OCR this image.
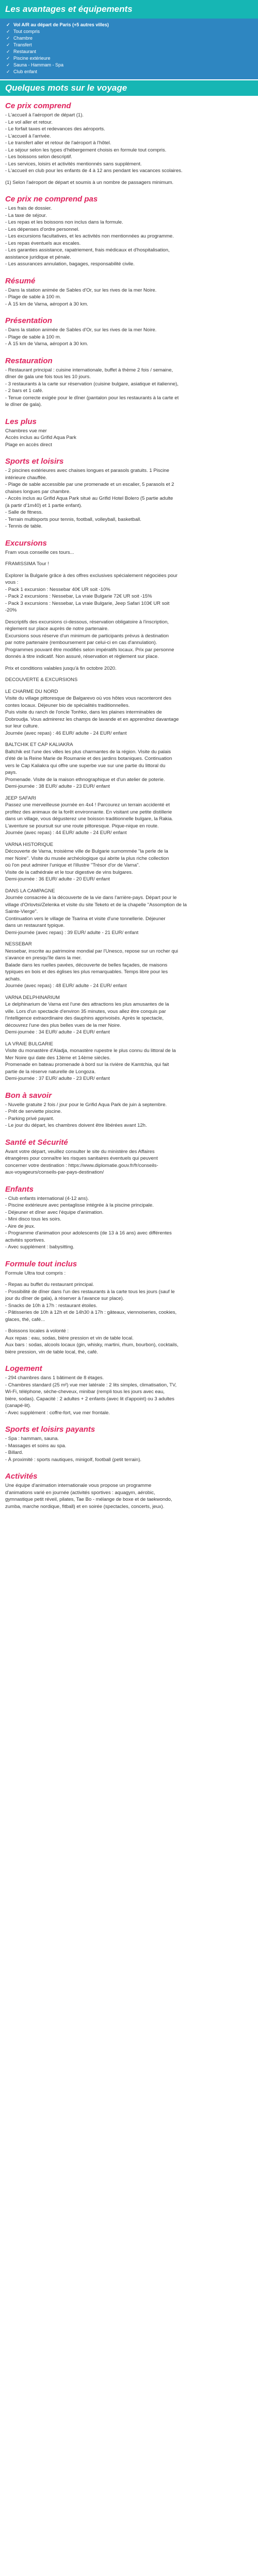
Les avantages et équipements
✓ Vol A/R au départ de Paris (+5 autres villes)
✓ Tout compris
✓ Chambre
✓ Transfert
✓ Restaurant
✓ Piscine extérieure
✓ Sauna - Hammam - Spa
✓ Club enfant
Quelques mots sur le voyage
Ce prix comprend

- L'accueil à l'aéroport de départ (1).
- Le vol aller et retour.
- Le forfait taxes et redevances des aéroports.
- L'accueil à l'arrivée.
- Le transfert aller et retour de l'aéroport à l'hôtel.
- Le séjour selon les types d'hébergement choisis en formule tout compris.
- Les boissons selon descriptif.
- Les services, loisirs et activités mentionnés sans supplément.
- L'accueil en club pour les enfants de 4 à 12 ans pendant les vacances scolaires.

(1) Selon l'aéroport de départ et soumis à un nombre de passagers minimum.

Ce prix ne comprend pas

- Les frais de dossier.
- La taxe de séjour.
- Les repas et les boissons non inclus dans la formule.
- Les dépenses d'ordre personnel.
- Les excursions facultatives, et les activités non mentionnées au programme.
- Les repas éventuels aux escales.
- Les garanties assistance, rapatriement, frais médicaux et d'hospitalisation,
assistance juridique et pénale.
- Les assurances annulation, bagages, responsabilité civile.

Résumé

- Dans la station animée de Sables d'Or, sur les rives de la mer Noire.
- Plage de sable à 100 m.
- À 15 km de Varna, aéroport à 30 km.

Présentation

- Dans la station animée de Sables d'Or, sur les rives de la mer Noire.
- Plage de sable à 100 m.
- À 15 km de Varna, aéroport à 30 km.

Restauration

- Restaurant principal : cuisine internationale, buffet à thème 2 fois / semaine,
dîner de gala une fois tous les 10 jours.
- 3 restaurants à la carte sur réservation (cuisine bulgare, asiatique et italienne),
- 2 bars et 1 café.
- Tenue correcte exigée pour le dîner (pantalon pour les restaurants à la carte et
le dîner de gala).

Les plus

Chambres vue mer
Accès inclus au Grifid Aqua Park
Plage en accès direct

Sports et loisirs

- 2 piscines extérieures avec chaises longues et parasols gratuits. 1 Piscine
intérieure chauffée.
- Plage de sable accessible par une promenade et un escalier, 5 parasols et 2
chaises longues par chambre.
- Accès inclus au Grifid Aqua Park situé au Grifid Hotel Bolero (5 partie adulte
(à partir d'1m40) et 1 partie enfant).
- Salle de fitness.
- Terrain multisports pour tennis, football, volleyball, basketball.
- Tennis de table.

Excursions

Fram vous conseille ces tours...

FRAMISSIMA Tour !

Explorer la Bulgarie grâce à des offres exclusives spécialement négociées pour
vous :
- Pack 1 excursion : Nessebar 40€ UR soit -10%
- Pack 2 excursions : Nessebar, La vraie Bulgarie 72€ UR soit -15%
- Pack 3 excursions : Nessebar, La vraie Bulgarie, Jeep Safari 103€ UR soit
-20%

Descriptifs des excursions ci-dessous, réservation obligatoire à l'inscription,
règlement sur place auprès de notre partenaire.
Excursions sous réserve d'un minimum de participants prévus à destination
par notre partenaire (remboursement par celui-ci en cas d'annulation).
Programmes pouvant être modifiés selon impératifs locaux. Prix par personne
donnés à titre indicatif. Non assuré, réservation et règlement sur place.

Prix et conditions valables jusqu'à fin octobre 2020.

DECOUVERTE & EXCURSIONS

LE CHARME DU NORD
Visite du village pittoresque de Balgarevo où vos hôtes vous raconteront des
contes locaux. Déjeuner bio de spécialités traditionnelles.
Puis visite du ranch de l'oncle Tonhko, dans les plaines interminables de
Dobroudja. Vous admirerez les champs de lavande et en apprendrez davantage
sur leur culture.
Journée (avec repas) : 46 EUR/ adulte - 24 EUR/ enfant

BALTCHIK ET CAP KALIAKRA
Baltchik est l'une des villes les plus charmantes de la région. Visite du palais
d'été de la Reine Marie de Roumanie et des jardins botaniques. Continuation
vers le Cap Kaliakra qui offre une superbe vue sur une partie du littoral du
pays.
Promenade. Visite de la maison ethnographique et d'un atelier de poterie.
Demi-journée : 38 EUR/ adulte - 23 EUR/ enfant

JEEP SAFARI
Passez une merveilleuse journée en 4x4 ! Parcourez un terrain accidenté et
profitez des animaux de la forêt environnante. En visitant une petite distillerie
dans un village, vous dégusterez une boisson traditionnelle bulgare, la Rakia.
L'aventure se poursuit sur une route pittoresque. Pique-nique en route.
Journée (avec repas) : 44 EUR/ adulte - 24 EUR/ enfant

VARNA HISTORIQUE
Découverte de Varna, troisième ville de Bulgarie surnommée "la perle de la
mer Noire". Visite du musée archéologique qui abrite la plus riche collection
où l'on peut admirer l'unique et l'illustre "Trésor d'or de Varna".
Visite de la cathédrale et le tour digestive de vins bulgares.
Demi-journée : 36 EUR/ adulte - 20 EUR/ enfant

DANS LA CAMPAGNE
Journée consacrée à la découverte de la vie dans l'arrière-pays. Départ pour le
village d'Orlovtsi/Zelenka et visite du site Teketo et de la chapelle "Assomption de la
Sainte-Vierge".
Continuation vers le village de Tsarina et visite d'une tonnellerie. Déjeuner
dans un restaurant typique.
Demi-journée (avec repas) : 39 EUR/ adulte - 21 EUR/ enfant

NESSEBAR
Nessebar, inscrite au patrimoine mondial par l'Unesco, repose sur un rocher qui
s'avance en presqu'île dans la mer.
Balade dans les ruelles pavées, découverte de belles façades, de maisons
typiques en bois et des églises les plus remarquables. Temps libre pour les
achats.
Journée (avec repas) : 48 EUR/ adulte - 24 EUR/ enfant

VARNA DELPHINARIUM
Le delphinarium de Varna est l'une des attractions les plus amusantes de la
ville. Lors d'un spectacle d'environ 35 minutes, vous allez être conquis par
l'intelligence extraordinaire des dauphins apprivoisés. Après le spectacle,
découvrez l'une des plus belles vues de la mer Noire.
Demi-journée : 34 EUR/ adulte - 24 EUR/ enfant

LA VRAIE BULGARIE
Visite du monastère d'Aladja, monastère rupestre le plus connu du littoral de la
Mer Noire qui date des 13ème et 14ème siècles.
Promenade en bateau promenade à bord sur la rivière de Kamtchia, qui fait
partie de la réserve naturelle de Longoza.
Demi-journée : 37 EUR/ adulte - 23 EUR/ enfant

Bon à savoir

- Nuvelle gratuite 2 fois / jour pour le Grifid Aqua Park de juin à septembre.
- Prêt de serviette piscine.
- Parking privé payant.
- Le jour du départ, les chambres doivent être libérées avant 12h.

Santé et Sécurité

Avant votre départ, veuillez consulter le site du ministère des Affaires
étrangères pour connaître les risques sanitaires éventuels qui peuvent
concerner votre destination : https://www.diplomatie.gouv.fr/fr/conseils-
aux-voyageurs/conseils-par-pays-destination/

Enfants

- Club enfants international (4-12 ans).
- Piscine extérieure avec pentaglisse intégrée à la piscine principale.
- Déjeuner et dîner avec l'équipe d'animation.
- Mini disco tous les soirs.
- Aire de jeux.
- Programme d'animation pour adolescents (de 13 à 16 ans) avec différentes
activités sportives.
- Avec supplément : babysitting.

Formule tout inclus

Formule Ultra tout compris :

- Repas au buffet du restaurant principal.
- Possibilité de dîner dans l'un des restaurants à la carte tous les jours (sauf le
jour du dîner de gala), à réserver à l'avance sur place).
- Snacks de 10h à 17h : restaurant étoiles.
- Pâtisseries de 10h à 12h et de 14h30 à 17h : gâteaux, viennoiseries, cookies,
glaces, thé, café...

- Boissons locales à volonté :
Aux repas : eau, sodas, bière pression et vin de table local.
Aux bars : sodas, alcools locaux (gin, whisky, martini, rhum, bourbon), cocktails,
bière pression, vin de table local, thé, café.

Logement

- 294 chambres dans 1 bâtiment de 8 étages.
- Chambres standard (25 m²) vue mer latérale : 2 lits simples, climatisation, TV,
Wi-Fi, téléphone, sèche-cheveux, minibar (rempli tous les jours avec eau,
bière, sodas). Capacité : 2 adultes + 2 enfants (avec lit d'appoint) ou 3 adultes
(canapé-lit).
- Avec supplément : coffre-fort, vue mer frontale.

Sports et loisirs payants

- Spa : hammam, sauna.
- Massages et soins au spa.
- Billard.
- À proximité : sports nautiques, minigolf, football (petit terrain).

Activités

Une équipe d'animation internationale vous propose un programme
d'animations varié en journée (activités sportives : aquagym, aérobic,
gymnastique petit réveil, pilates, Tae Bo - mélange de boxe et de taekwondo,
zumba, marche nordique, fitball) et en soirée (spectacles, concerts, jeux).
